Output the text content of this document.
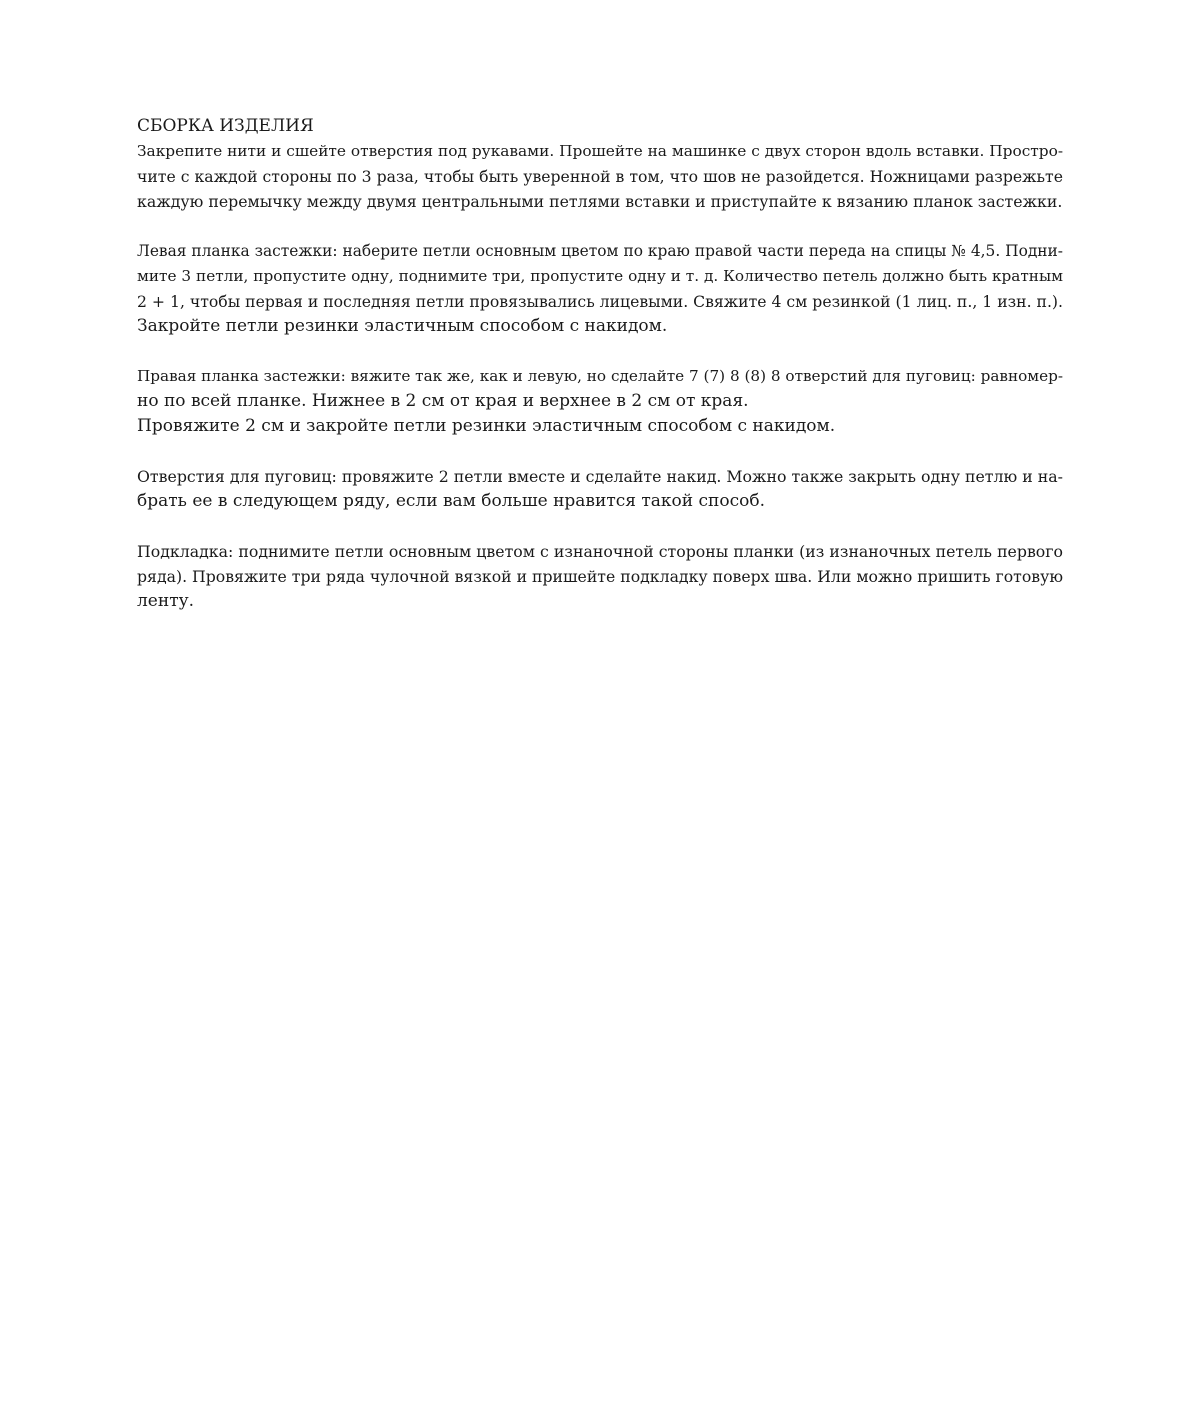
СБОРКА ИЗДЕЛИЯ
Закрепите нити и сшейте отверстия под рукавами. Прошейте на машинке с двух сторон вдоль вставки. Простро-
чите с каждой стороны по 3 раза, чтобы быть уверенной в том, что шов не разойдется. Ножницами разрежьте
каждую перемычку между двумя центральными петлями вставки и приступайте к вязанию планок застежки.
Левая планка застежки: наберите петли основным цветом по краю правой части переда на спицы № 4,5. Подни-
мите 3 петли, пропустите одну, поднимите три, пропустите одну и т. д. Количество петель должно быть кратным
2 + 1, чтобы первая и последняя петли провязывались лицевыми. Свяжите 4 см резинкой (1 лиц. п., 1 изн. п.).
Закройте петли резинки эластичным способом с накидом.
Правая планка застежки: вяжите так же, как и левую, но сделайте 7 (7) 8 (8) 8 отверстий для пуговиц: равномер-
но по всей планке. Нижнее в 2 см от края и верхнее в 2 см от края.
Провяжите 2 см и закройте петли резинки эластичным способом с накидом.
Отверстия для пуговиц: провяжите 2 петли вместе и сделайте накид. Можно также закрыть одну петлю и на-
брать ее в следующем ряду, если вам больше нравится такой способ.
Подкладка: поднимите петли основным цветом с изнаночной стороны планки (из изнаночных петель первого
ряда). Провяжите три ряда чулочной вязкой и пришейте подкладку поверх шва. Или можно пришить готовую
ленту.
